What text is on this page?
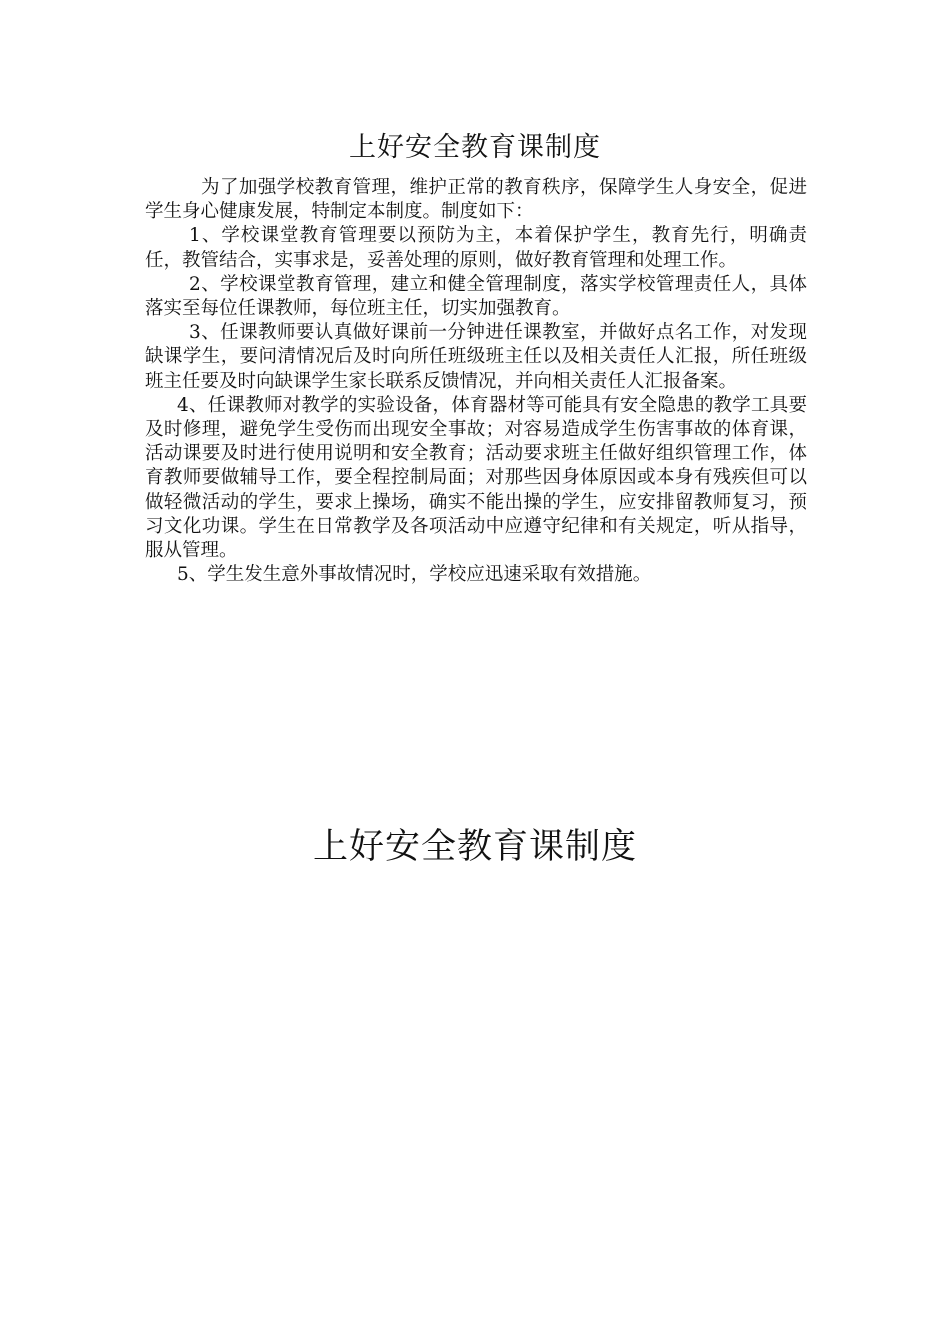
上好安全教育课制度

为了加强学校教育管理，维护正常的教育秩序，保障学生人身安全，促进学生身心健康发展，特制定本制度。制度如下：

1、学校课堂教育管理要以预防为主，本着保护学生，教育先行，明确责任，教管结合，实事求是，妥善处理的原则，做好教育管理和处理工作。

2、学校课堂教育管理，建立和健全管理制度，落实学校管理责任人，具体落实至每位任课教师，每位班主任，切实加强教育。

3、任课教师要认真做好课前一分钟进任课教室，并做好点名工作，对发现缺课学生，要问清情况后及时向所任班级班主任以及相关责任人汇报，所任班级班主任要及时向缺课学生家长联系反馈情况，并向相关责任人汇报备案。

4、任课教师对教学的实验设备，体育器材等可能具有安全隐患的教学工具要及时修理，避免学生受伤而出现安全事故；对容易造成学生伤害事故的体育课，活动课要及时进行使用说明和安全教育；活动要求班主任做好组织管理工作，体育教师要做辅导工作，要全程控制局面；对那些因身体原因或本身有残疾但可以做轻微活动的学生，要求上操场，确实不能出操的学生，应安排留教师复习，预习文化功课。学生在日常教学及各项活动中应遵守纪律和有关规定，听从指导，服从管理。

5、学生发生意外事故情况时，学校应迅速采取有效措施。

上好安全教育课制度
